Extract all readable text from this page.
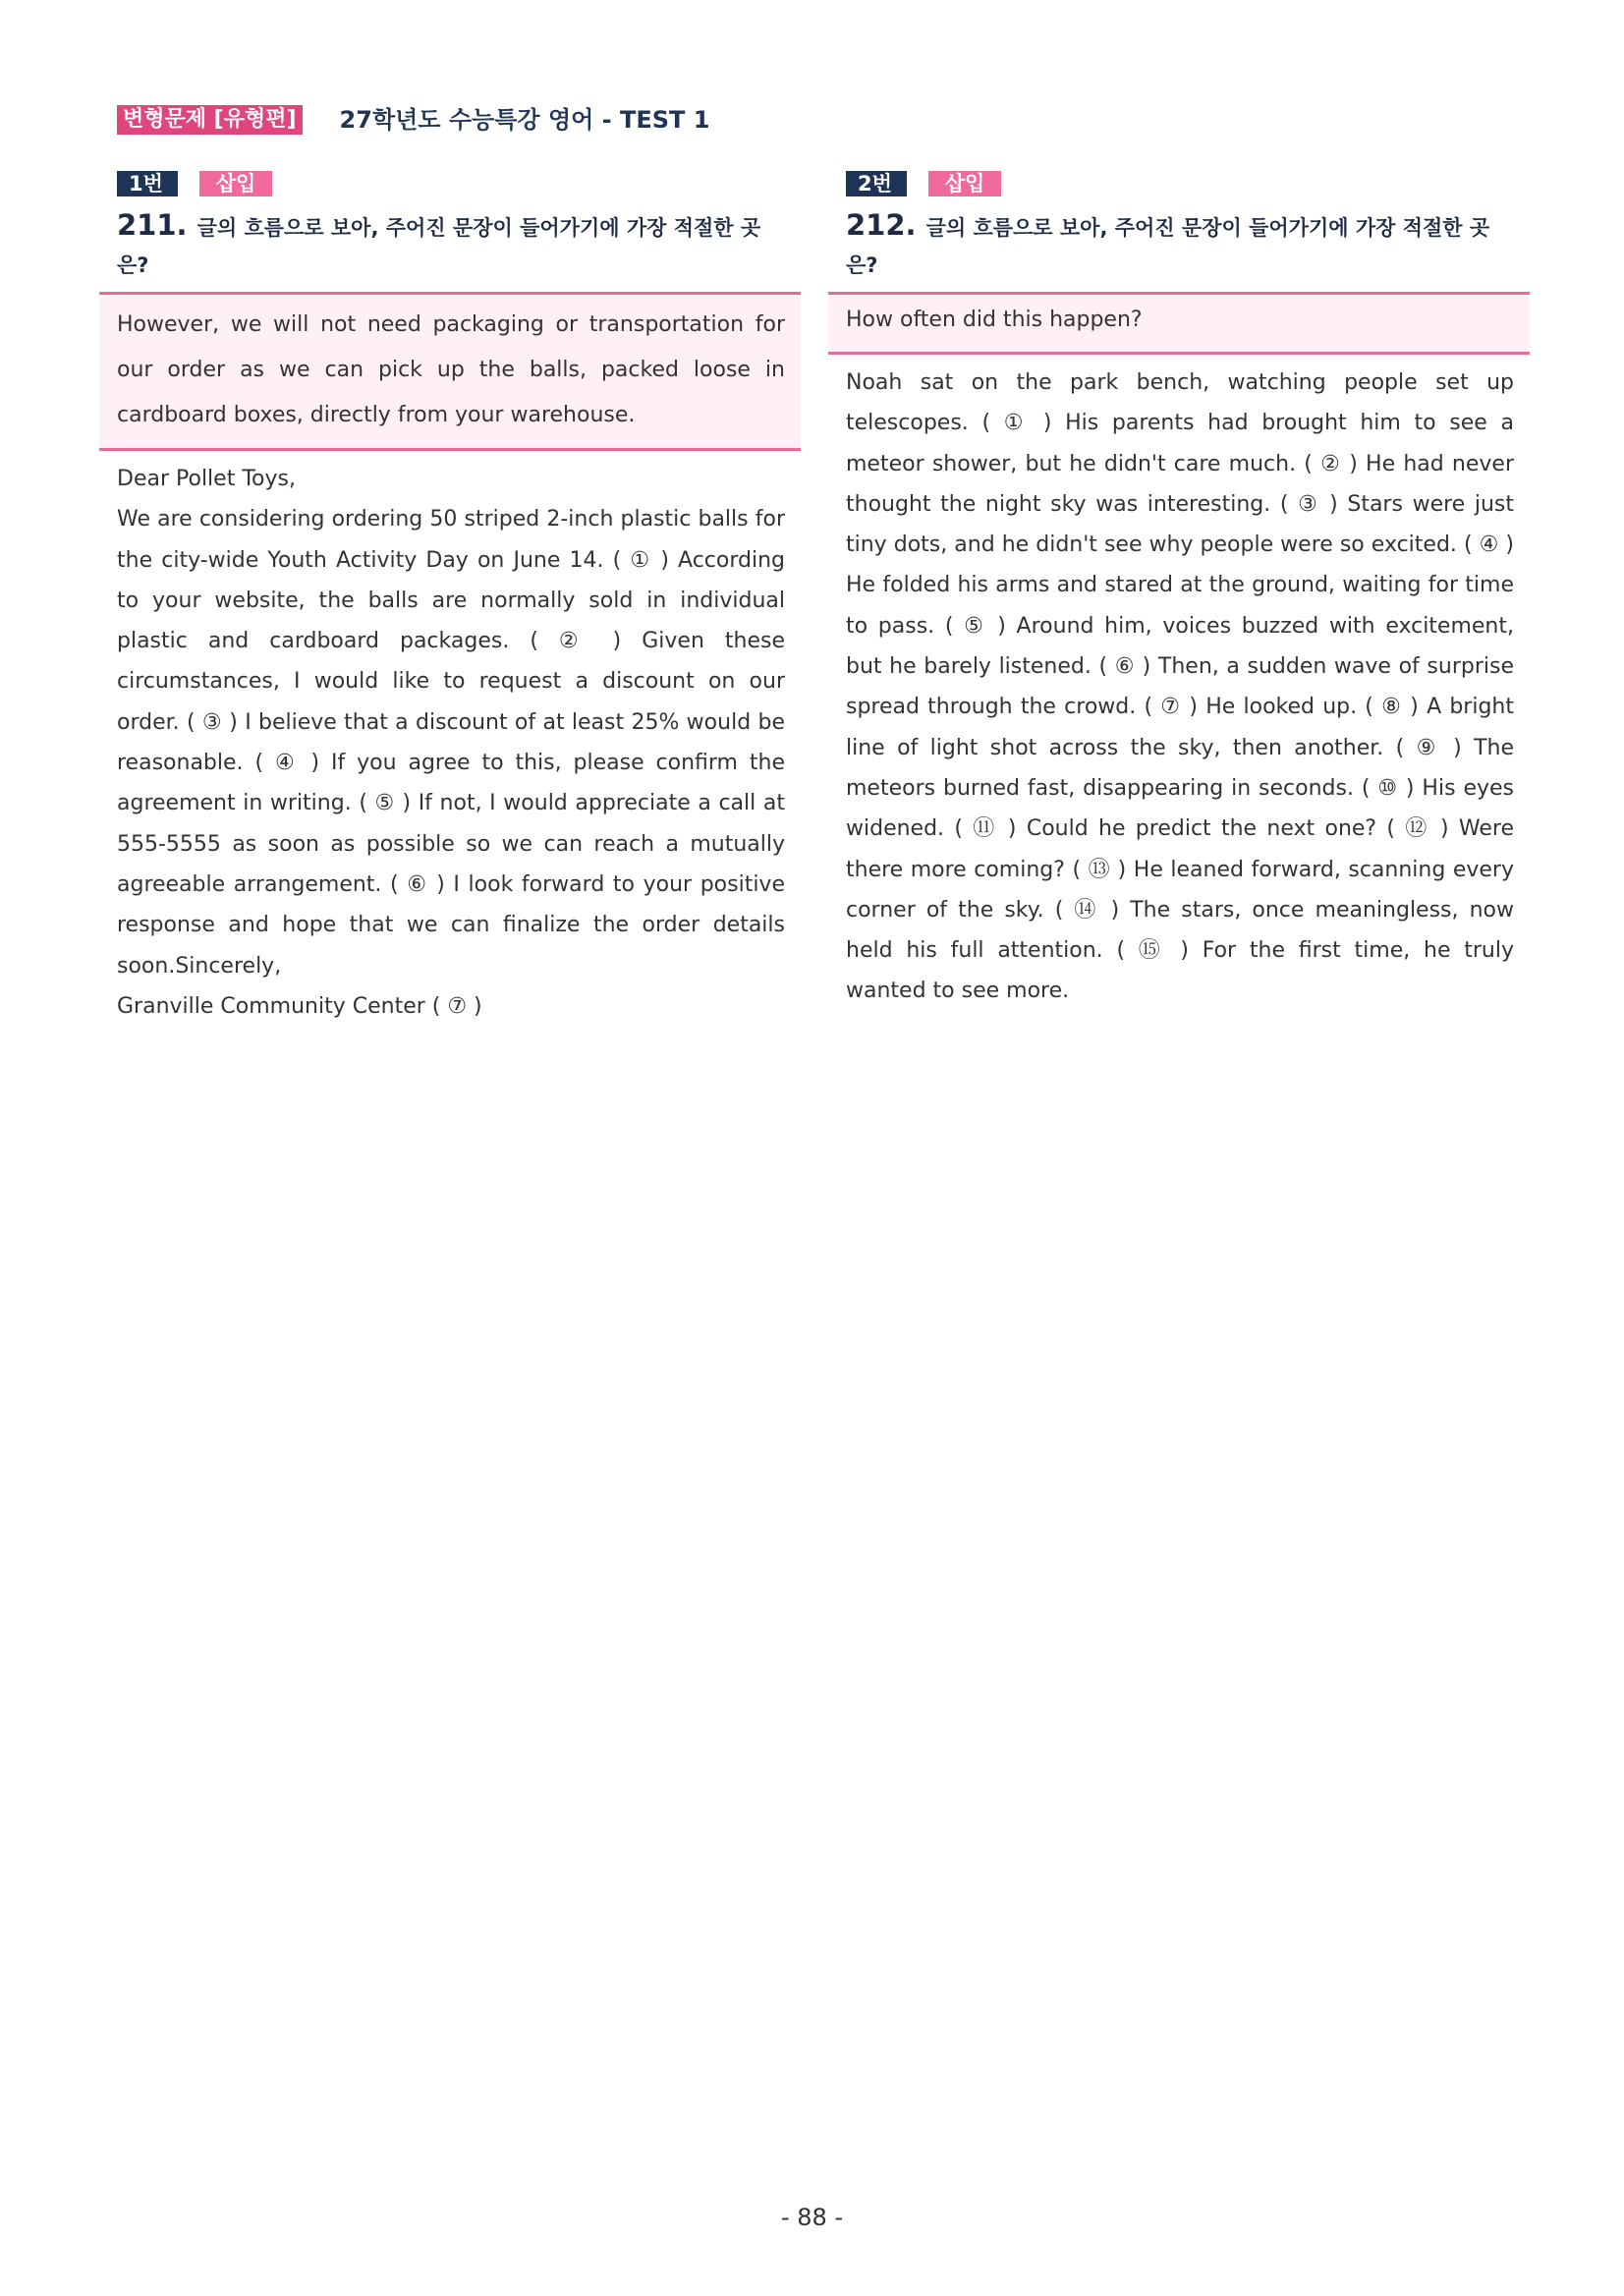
변형문제 [유형편] 27학년도 수능특강 영어 - TEST 1
1번	삽입
211. 글의 흐름으로 보아, 주어진 문장이 들어가기에 가장 적절한 곳은?
However, we will not need packaging or transportation for our order as we can pick up the balls, packed loose in cardboard boxes, directly from your warehouse.
Dear Pollet Toys,
We are considering ordering 50 striped 2-inch plastic balls for the city-wide Youth Activity Day on June 14. ( ① ) According to your website, the balls are normally sold in individual plastic and cardboard packages. ( ② ) Given these circumstances, I would like to request a discount on our order. ( ③ ) I believe that a discount of at least 25% would be reasonable. ( ④ ) If you agree to this, please confirm the agreement in writing. ( ⑤ ) If not, I would appreciate a call at 555-5555 as soon as possible so we can reach a mutually agreeable arrangement. ( ⑥ ) I look forward to your positive response and hope that we can finalize the order details soon.Sincerely,
Granville Community Center ( ⑦ )
2번	삽입
212. 글의 흐름으로 보아, 주어진 문장이 들어가기에 가장 적절한 곳은?
How often did this happen?
Noah sat on the park bench, watching people set up telescopes. ( ① ) His parents had brought him to see a meteor shower, but he didn't care much. ( ② ) He had never thought the night sky was interesting. ( ③ ) Stars were just tiny dots, and he didn't see why people were so excited. ( ④ ) He folded his arms and stared at the ground, waiting for time to pass. ( ⑤ ) Around him, voices buzzed with excitement, but he barely listened. ( ⑥ ) Then, a sudden wave of surprise spread through the crowd. ( ⑦ ) He looked up. ( ⑧ ) A bright line of light shot across the sky, then another. ( ⑨ ) The meteors burned fast, disappearing in seconds. ( ⑩ ) His eyes widened. ( ⑪ ) Could he predict the next one? ( ⑫ ) Were there more coming? ( ⑬ ) He leaned forward, scanning every corner of the sky. ( ⑭ ) The stars, once meaningless, now held his full attention. ( ⑮ ) For the first time, he truly wanted to see more.
- 88 -
